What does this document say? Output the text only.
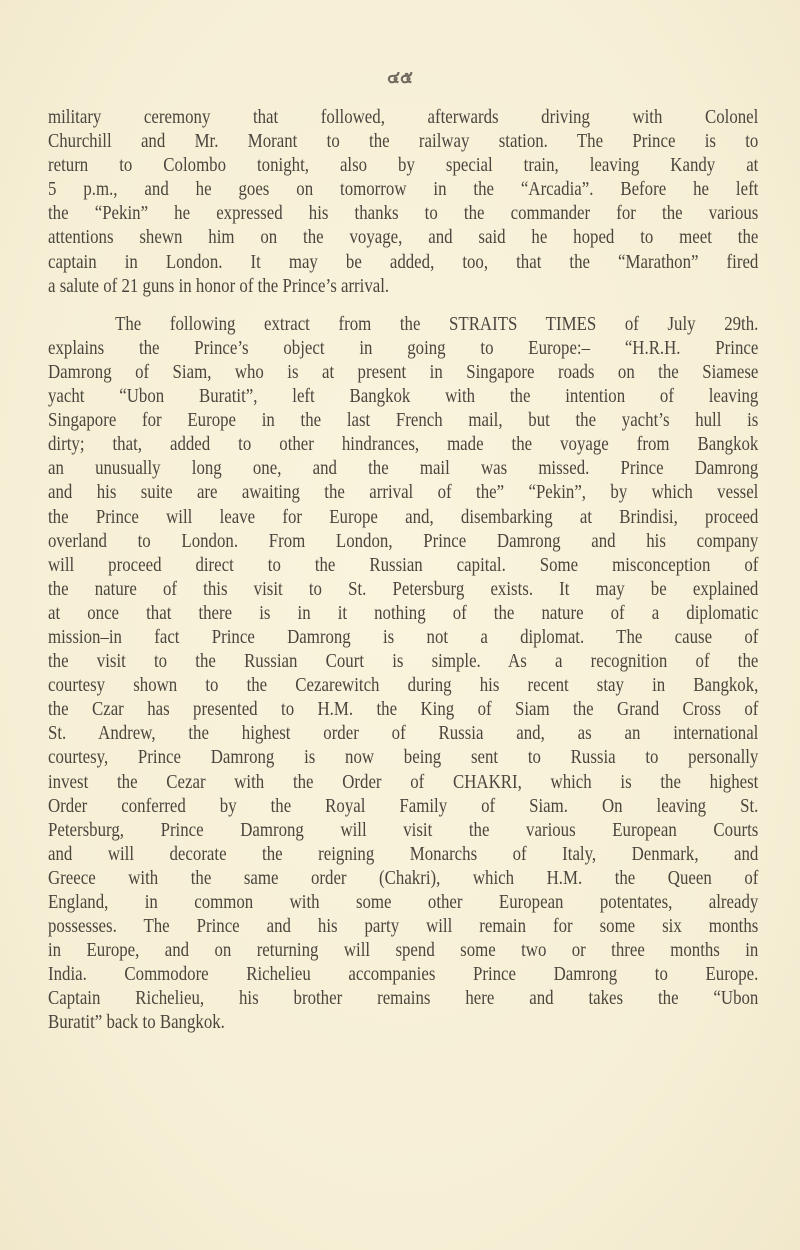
๔๕
military ceremony that followed, afterwards driving with Colonel
Churchill and Mr. Morant to the railway station. The Prince is to
return to Colombo tonight, also by special train, leaving Kandy at
5 p.m., and he goes on tomorrow in the “Arcadia”. Before he left
the “Pekin” he expressed his thanks to the commander for the various
attentions shewn him on the voyage, and said he hoped to meet the
captain in London. It may be added, too, that the “Marathon” fired
a salute of 21 guns in honor of the Prince’s arrival.
The following extract from the STRAITS TIMES of July 29th.
explains the Prince’s object in going to Europe:– “H.R.H. Prince
Damrong of Siam, who is at present in Singapore roads on the Siamese
yacht “Ubon Buratit”, left Bangkok with the intention of leaving
Singapore for Europe in the last French mail, but the yacht’s hull is
dirty; that, added to other hindrances, made the voyage from Bangkok
an unusually long one, and the mail was missed. Prince Damrong
and his suite are awaiting the arrival of the” “Pekin”, by which vessel
the Prince will leave for Europe and, disembarking at Brindisi, proceed
overland to London. From London, Prince Damrong and his company
will proceed direct to the Russian capital. Some misconception of
the nature of this visit to St. Petersburg exists. It may be explained
at once that there is in it nothing of the nature of a diplomatic
mission–in fact Prince Damrong is not a diplomat. The cause of
the visit to the Russian Court is simple. As a recognition of the
courtesy shown to the Cezarewitch during his recent stay in Bangkok,
the Czar has presented to H.M. the King of Siam the Grand Cross of
St. Andrew, the highest order of Russia and, as an international
courtesy, Prince Damrong is now being sent to Russia to personally
invest the Cezar with the Order of CHAKRI, which is the highest
Order conferred by the Royal Family of Siam. On leaving St.
Petersburg, Prince Damrong will visit the various European Courts
and will decorate the reigning Monarchs of Italy, Denmark, and
Greece with the same order (Chakri), which H.M. the Queen of
England, in common with some other European potentates, already
possesses. The Prince and his party will remain for some six months
in Europe, and on returning will spend some two or three months in
India. Commodore Richelieu accompanies Prince Damrong to Europe.
Captain Richelieu, his brother remains here and takes the “Ubon
Buratit” back to Bangkok.
